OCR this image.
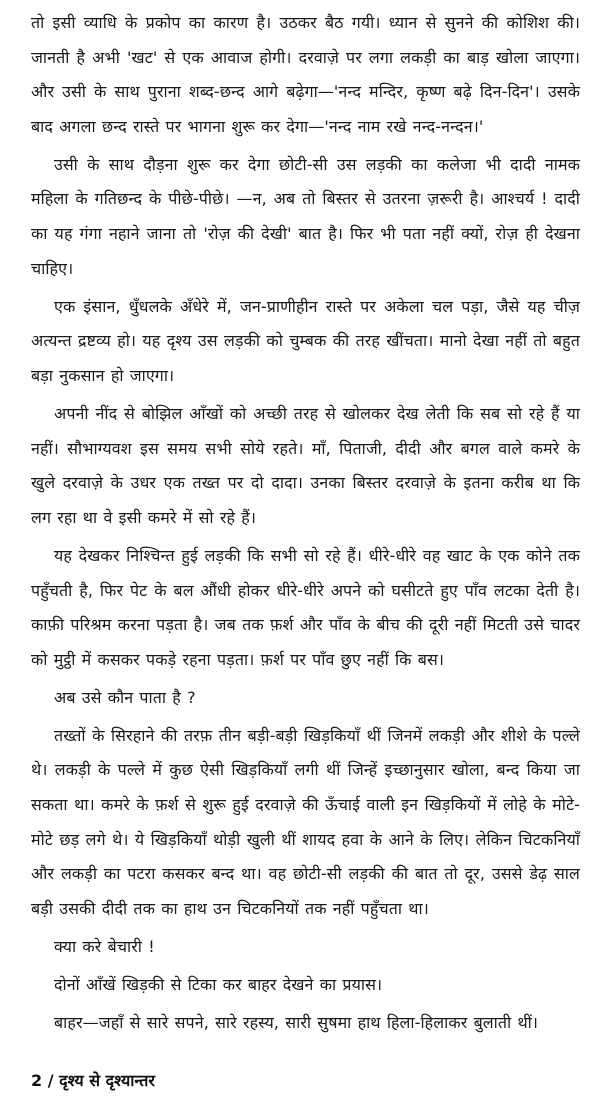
तो इसी व्याधि के प्रकोप का कारण है। उठकर बैठ गयी। ध्यान से सुनने की कोशिश की। जानती है अभी 'खट' से एक आवाज होगी। दरवाज़े पर लगा लकड़ी का बाड़ खोला जाएगा। और उसी के साथ पुराना शब्द-छन्द आगे बढ़ेगा—'नन्द मन्दिर, कृष्ण बढ़े दिन-दिन'। उसके बाद अगला छन्द रास्ते पर भागना शुरू कर देगा—'नन्द नाम रखे नन्द-नन्दन।'

उसी के साथ दौड़ना शुरू कर देगा छोटी-सी उस लड़की का कलेजा भी दादी नामक महिला के गतिछन्द के पीछे-पीछे। —न, अब तो बिस्तर से उतरना ज़रूरी है। आश्चर्य ! दादी का यह गंगा नहाने जाना तो 'रोज़ की देखी' बात है। फिर भी पता नहीं क्यों, रोज़ ही देखना चाहिए।

एक इंसान, धुँधलके अँधेरे में, जन-प्राणीहीन रास्ते पर अकेला चल पड़ा, जैसे यह चीज़ अत्यन्त द्रष्टव्य हो। यह दृश्य उस लड़की को चुम्बक की तरह खींचता। मानो देखा नहीं तो बहुत बड़ा नुकसान हो जाएगा।

अपनी नींद से बोझिल आँखों को अच्छी तरह से खोलकर देख लेती कि सब सो रहे हैं या नहीं। सौभाग्यवश इस समय सभी सोये रहते। माँ, पिताजी, दीदी और बगल वाले कमरे के खुले दरवाज़े के उधर एक तख्त पर दो दादा। उनका बिस्तर दरवाज़े के इतना करीब था कि लग रहा था वे इसी कमरे में सो रहे हैं।

यह देखकर निश्चिन्त हुई लड़की कि सभी सो रहे हैं। धीरे-धीरे वह खाट के एक कोने तक पहुँचती है, फिर पेट के बल औंधी होकर धीरे-धीरे अपने को घसीटते हुए पाँव लटका देती है। काफ़ी परिश्रम करना पड़ता है। जब तक फ़र्श और पाँव के बीच की दूरी नहीं मिटती उसे चादर को मुट्ठी में कसकर पकड़े रहना पड़ता। फ़र्श पर पाँव छुए नहीं कि बस।

अब उसे कौन पाता है ?

तख्तों के सिरहाने की तरफ़ तीन बड़ी-बड़ी खिड़कियाँ थीं जिनमें लकड़ी और शीशे के पल्ले थे। लकड़ी के पल्ले में कुछ ऐसी खिड़कियाँ लगी थीं जिन्हें इच्छानुसार खोला, बन्द किया जा सकता था। कमरे के फ़र्श से शुरू हुई दरवाज़े की ऊँचाई वाली इन खिड़कियों में लोहे के मोटे-मोटे छड़ लगे थे। ये खिड़कियाँ थोड़ी खुली थीं शायद हवा के आने के लिए। लेकिन चिटकनियाँ और लकड़ी का पटरा कसकर बन्द था। वह छोटी-सी लड़की की बात तो दूर, उससे डेढ़ साल बड़ी उसकी दीदी तक का हाथ उन चिटकनियों तक नहीं पहुँचता था।

क्या करे बेचारी !

दोनों आँखें खिड़की से टिका कर बाहर देखने का प्रयास।

बाहर—जहाँ से सारे सपने, सारे रहस्य, सारी सुषमा हाथ हिला-हिलाकर बुलाती थीं।

2 / दृश्य से दृश्यान्तर
